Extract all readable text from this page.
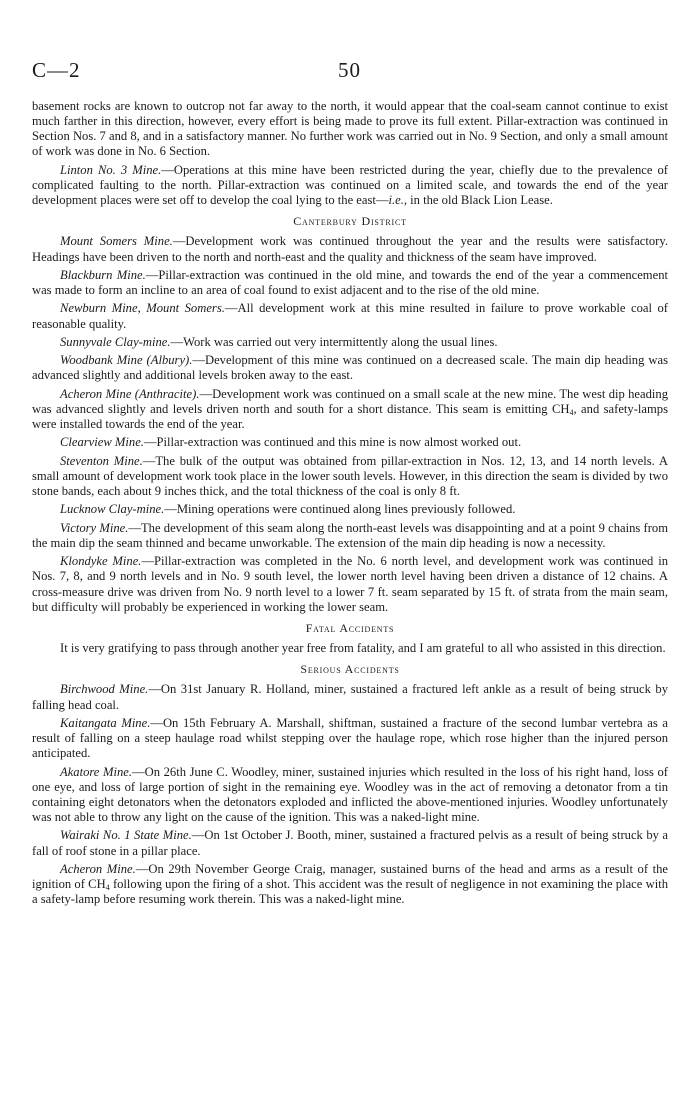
C—2	50

basement rocks are known to outcrop not far away to the north, it would appear that the coal-seam cannot continue to exist much farther in this direction, however, every effort is being made to prove its full extent. Pillar-extraction was continued in Section Nos. 7 and 8, and in a satisfactory manner. No further work was carried out in No. 9 Section, and only a small amount of work was done in No. 6 Section.

Linton No. 3 Mine.—Operations at this mine have been restricted during the year, chiefly due to the prevalence of complicated faulting to the north. Pillar-extraction was continued on a limited scale, and towards the end of the year development places were set off to develop the coal lying to the east—i.e., in the old Black Lion Lease.

Canterbury District

Mount Somers Mine.—Development work was continued throughout the year and the results were satisfactory. Headings have been driven to the north and north-east and the quality and thickness of the seam have improved.

Blackburn Mine.—Pillar-extraction was continued in the old mine, and towards the end of the year a commencement was made to form an incline to an area of coal found to exist adjacent and to the rise of the old mine.

Newburn Mine, Mount Somers.—All development work at this mine resulted in failure to prove workable coal of reasonable quality.

Sunnyvale Clay-mine.—Work was carried out very intermittently along the usual lines.

Woodbank Mine (Albury).—Development of this mine was continued on a decreased scale. The main dip heading was advanced slightly and additional levels broken away to the east.

Acheron Mine (Anthracite).—Development work was continued on a small scale at the new mine. The west dip heading was advanced slightly and levels driven north and south for a short distance. This seam is emitting $CH_4$, and safety-lamps were installed towards the end of the year.

Clearview Mine.—Pillar-extraction was continued and this mine is now almost worked out.

Steventon Mine.—The bulk of the output was obtained from pillar-extraction in Nos. 12, 13, and 14 north levels. A small amount of development work took place in the lower south levels. However, in this direction the seam is divided by two stone bands, each about 9 inches thick, and the total thickness of the coal is only 8 ft.

Lucknow Clay-mine.—Mining operations were continued along lines previously followed.

Victory Mine.—The development of this seam along the north-east levels was disappointing and at a point 9 chains from the main dip the seam thinned and became unworkable. The extension of the main dip heading is now a necessity.

Klondyke Mine.—Pillar-extraction was completed in the No. 6 north level, and development work was continued in Nos. 7, 8, and 9 north levels and in No. 9 south level, the lower north level having been driven a distance of 12 chains. A cross-measure drive was driven from No. 9 north level to a lower 7 ft. seam separated by 15 ft. of strata from the main seam, but difficulty will probably be experienced in working the lower seam.

Fatal Accidents

It is very gratifying to pass through another year free from fatality, and I am grateful to all who assisted in this direction.

Serious Accidents

Birchwood Mine.—On 31st January R. Holland, miner, sustained a fractured left ankle as a result of being struck by falling head coal.

Kaitangata Mine.—On 15th February A. Marshall, shiftman, sustained a fracture of the second lumbar vertebra as a result of falling on a steep haulage road whilst stepping over the haulage rope, which rose higher than the injured person anticipated.

Akatore Mine.—On 26th June C. Woodley, miner, sustained injuries which resulted in the loss of his right hand, loss of one eye, and loss of large portion of sight in the remaining eye. Woodley was in the act of removing a detonator from a tin containing eight detonators when the detonators exploded and inflicted the above-mentioned injuries. Woodley unfortunately was not able to throw any light on the cause of the ignition. This was a naked-light mine.

Wairaki No. 1 State Mine.—On 1st October J. Booth, miner, sustained a fractured pelvis as a result of being struck by a fall of roof stone in a pillar place.

Acheron Mine.—On 29th November George Craig, manager, sustained burns of the head and arms as a result of the ignition of $CH_4$ following upon the firing of a shot. This accident was the result of negligence in not examining the place with a safety-lamp before resuming work therein. This was a naked-light mine.
